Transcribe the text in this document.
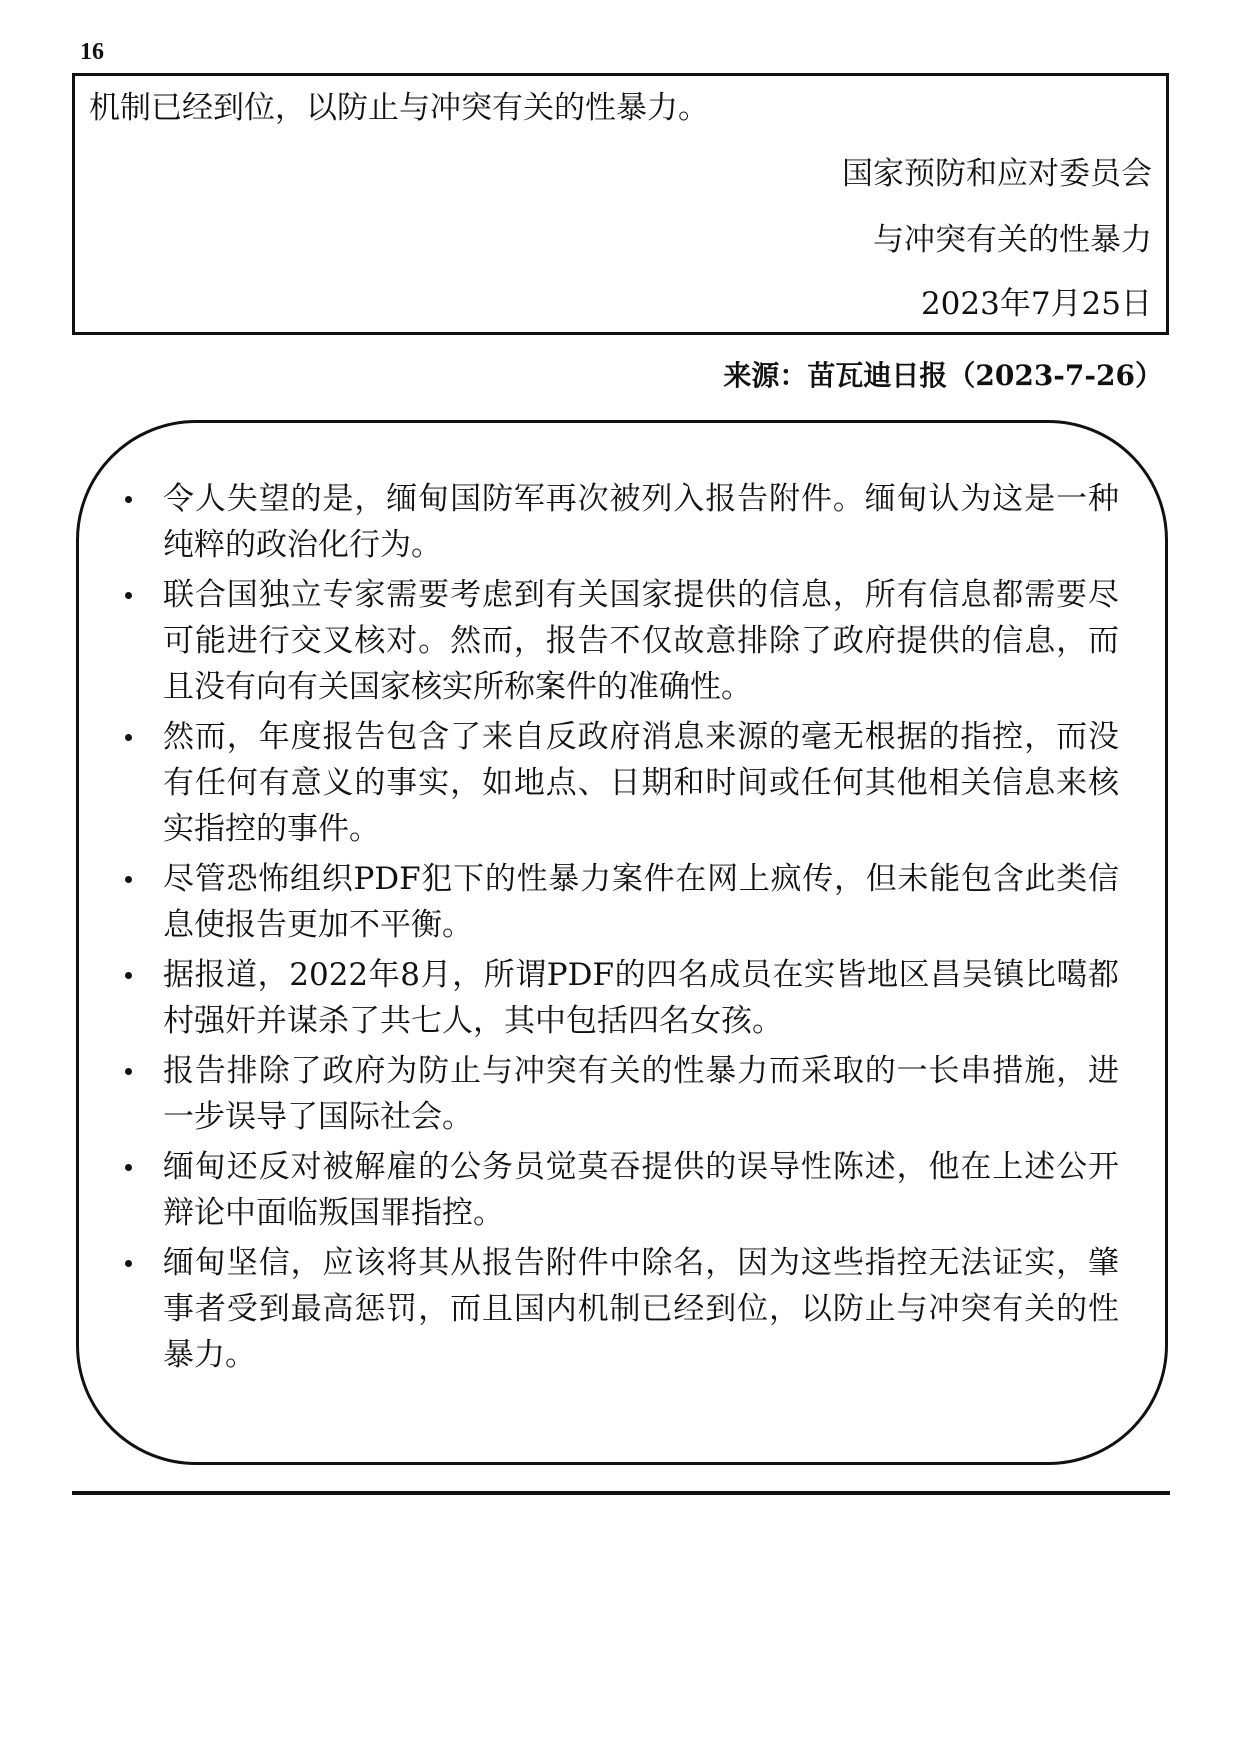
16
机制已经到位，以防止与冲突有关的性暴力。
国家预防和应对委员会
与冲突有关的性暴力
2023年7月25日
来源：苗瓦迪日报（2023-7-26）
令人失望的是，缅甸国防军再次被列入报告附件。缅甸认为这是一种纯粹的政治化行为。
联合国独立专家需要考虑到有关国家提供的信息，所有信息都需要尽可能进行交叉核对。然而，报告不仅故意排除了政府提供的信息，而且没有向有关国家核实所称案件的准确性。
然而，年度报告包含了来自反政府消息来源的毫无根据的指控，而没有任何有意义的事实，如地点、日期和时间或任何其他相关信息来核实指控的事件。
尽管恐怖组织PDF犯下的性暴力案件在网上疯传，但未能包含此类信息使报告更加不平衡。
据报道，2022年8月，所谓PDF的四名成员在实皆地区昌吴镇比噶都村强奸并谋杀了共七人，其中包括四名女孩。
报告排除了政府为防止与冲突有关的性暴力而采取的一长串措施，进一步误导了国际社会。
缅甸还反对被解雇的公务员觉莫吞提供的误导性陈述，他在上述公开辩论中面临叛国罪指控。
缅甸坚信，应该将其从报告附件中除名，因为这些指控无法证实，肇事者受到最高惩罚，而且国内机制已经到位，以防止与冲突有关的性暴力。
